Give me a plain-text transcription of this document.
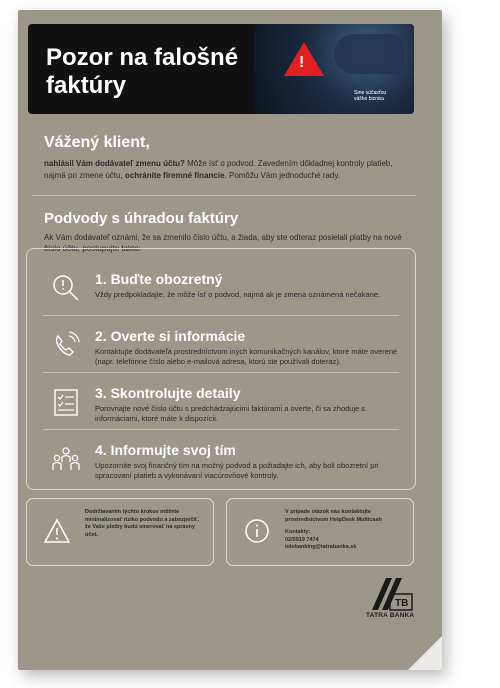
Pozor na falošné faktúry
!
Sme súčasťou vášho biznisu
Vážený klient,
nahlásil Vám dodávateľ zmenu účtu? Môže ísť o podvod. Zavedením dôkladnej kontroly platieb, najmä pri zmene účtu, ochránite firemné financie. Pomôžu Vám jednoduché rady.
Podvody s úhradou faktúry
Ak Vám dodávateľ oznámi, že sa zmenilo číslo účtu, a žiada, aby ste odteraz posielali platby na nové číslo účtu, postupujte takto:
1. Buďte obozretný
Vždy predpokladajte, že môže ísť o podvod, najmä ak je zmena oznámená nečakane.
2. Overte si informácie
Kontaktujte dodávateľa prostredníctvom iných komunikačných kanálov, ktoré máte overené (napr. telefónne číslo alebo e-mailová adresa, ktorú ste používali doteraz).
3. Skontrolujte detaily
Porovnajte nové číslo účtu s predchádzajúcimi faktúrami a overte, či sa zhoduje s informáciami, ktoré máte k dispozícii.
4. Informujte svoj tím
Upozornite svoj finančný tím na možný podvod a požiadajte ich, aby boli obozretní pri spracovaní platieb a vykonávaní viacúrovňové kontroly.
Dodržiavaním týchto krokov môžete minimalizovať riziko podvodu a zabezpečiť, že Vaše platby budú smerovať na správny účet.
V prípade otázok nás kontaktujte prostredníctvom HelpDesk Multicash
Kontakty:
02/5919 7474
telebanking@tatrabanka.sk
TB
TATRA BANKA
